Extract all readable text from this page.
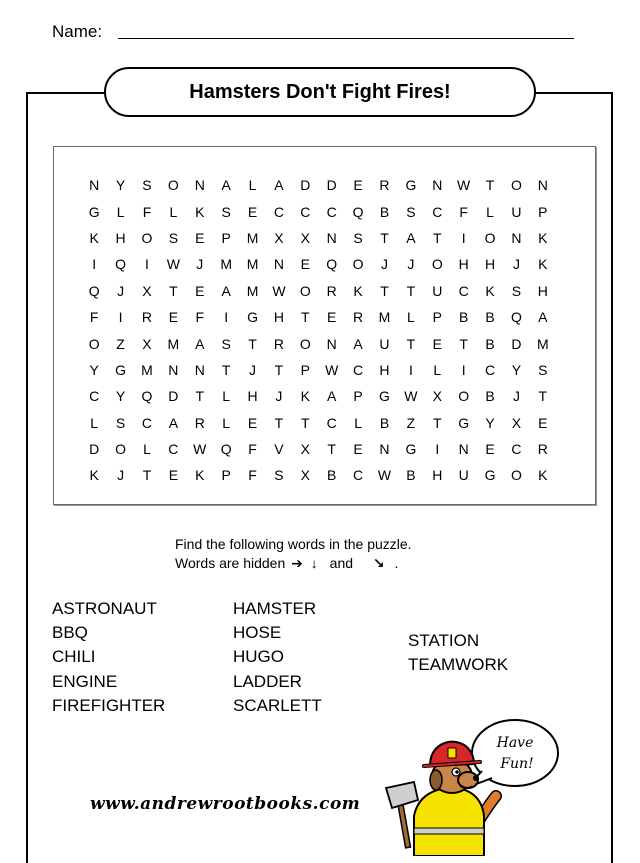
Name:
Hamsters Don't Fight Fires!
N	Y	S	O	N	A	L	A	D	D	E	R	G	N	W	T	O	N
G	L	F	L	K	S	E	C	C	C	Q	B	S	C	F	L	U	P
K	H	O	S	E	P	M	X	X	N	S	T	A	T	I	O	N	K
I	Q	I	W	J	M	M	N	E	Q	O	J	J	O	H	H	J	K
Q	J	X	T	E	A	M W	O	R	K	T	T	U	C	K	S	H
F	I	R	E	F	I	G	H	T	E	R	M	L	P	B	B	Q	A
O	Z	X	M	A	S	T	R	O	N	A	U	T	E	T	B	D	M
Y	G	M	N	N	T	J	T	P	W	C	H	I	L	I	C	Y	S
C	Y	Q	D	T	L	H	J	K	A	P	G	W	X	O	B	J	T
L	S	C	A	R	L	E	T	T	C	L	B	Z	T	G	Y	X	E
D	O	L	C	W	Q	F	V	X	T	E	N	G	I	N	E	C	R
K	J	T	E	K	P	F	S	X	B	C	W	B	H	U	G	O	K
Find the following words in the puzzle.
Words are hidden ➔ ↓ and ↘ .
ASTRONAUT
BBQ
CHILI
ENGINE
FIREFIGHTER
HAMSTER
HOSE
HUGO
LADDER
SCARLETT
STATION
TEAMWORK
www.andrewrootbooks.com
Have
Fun!
